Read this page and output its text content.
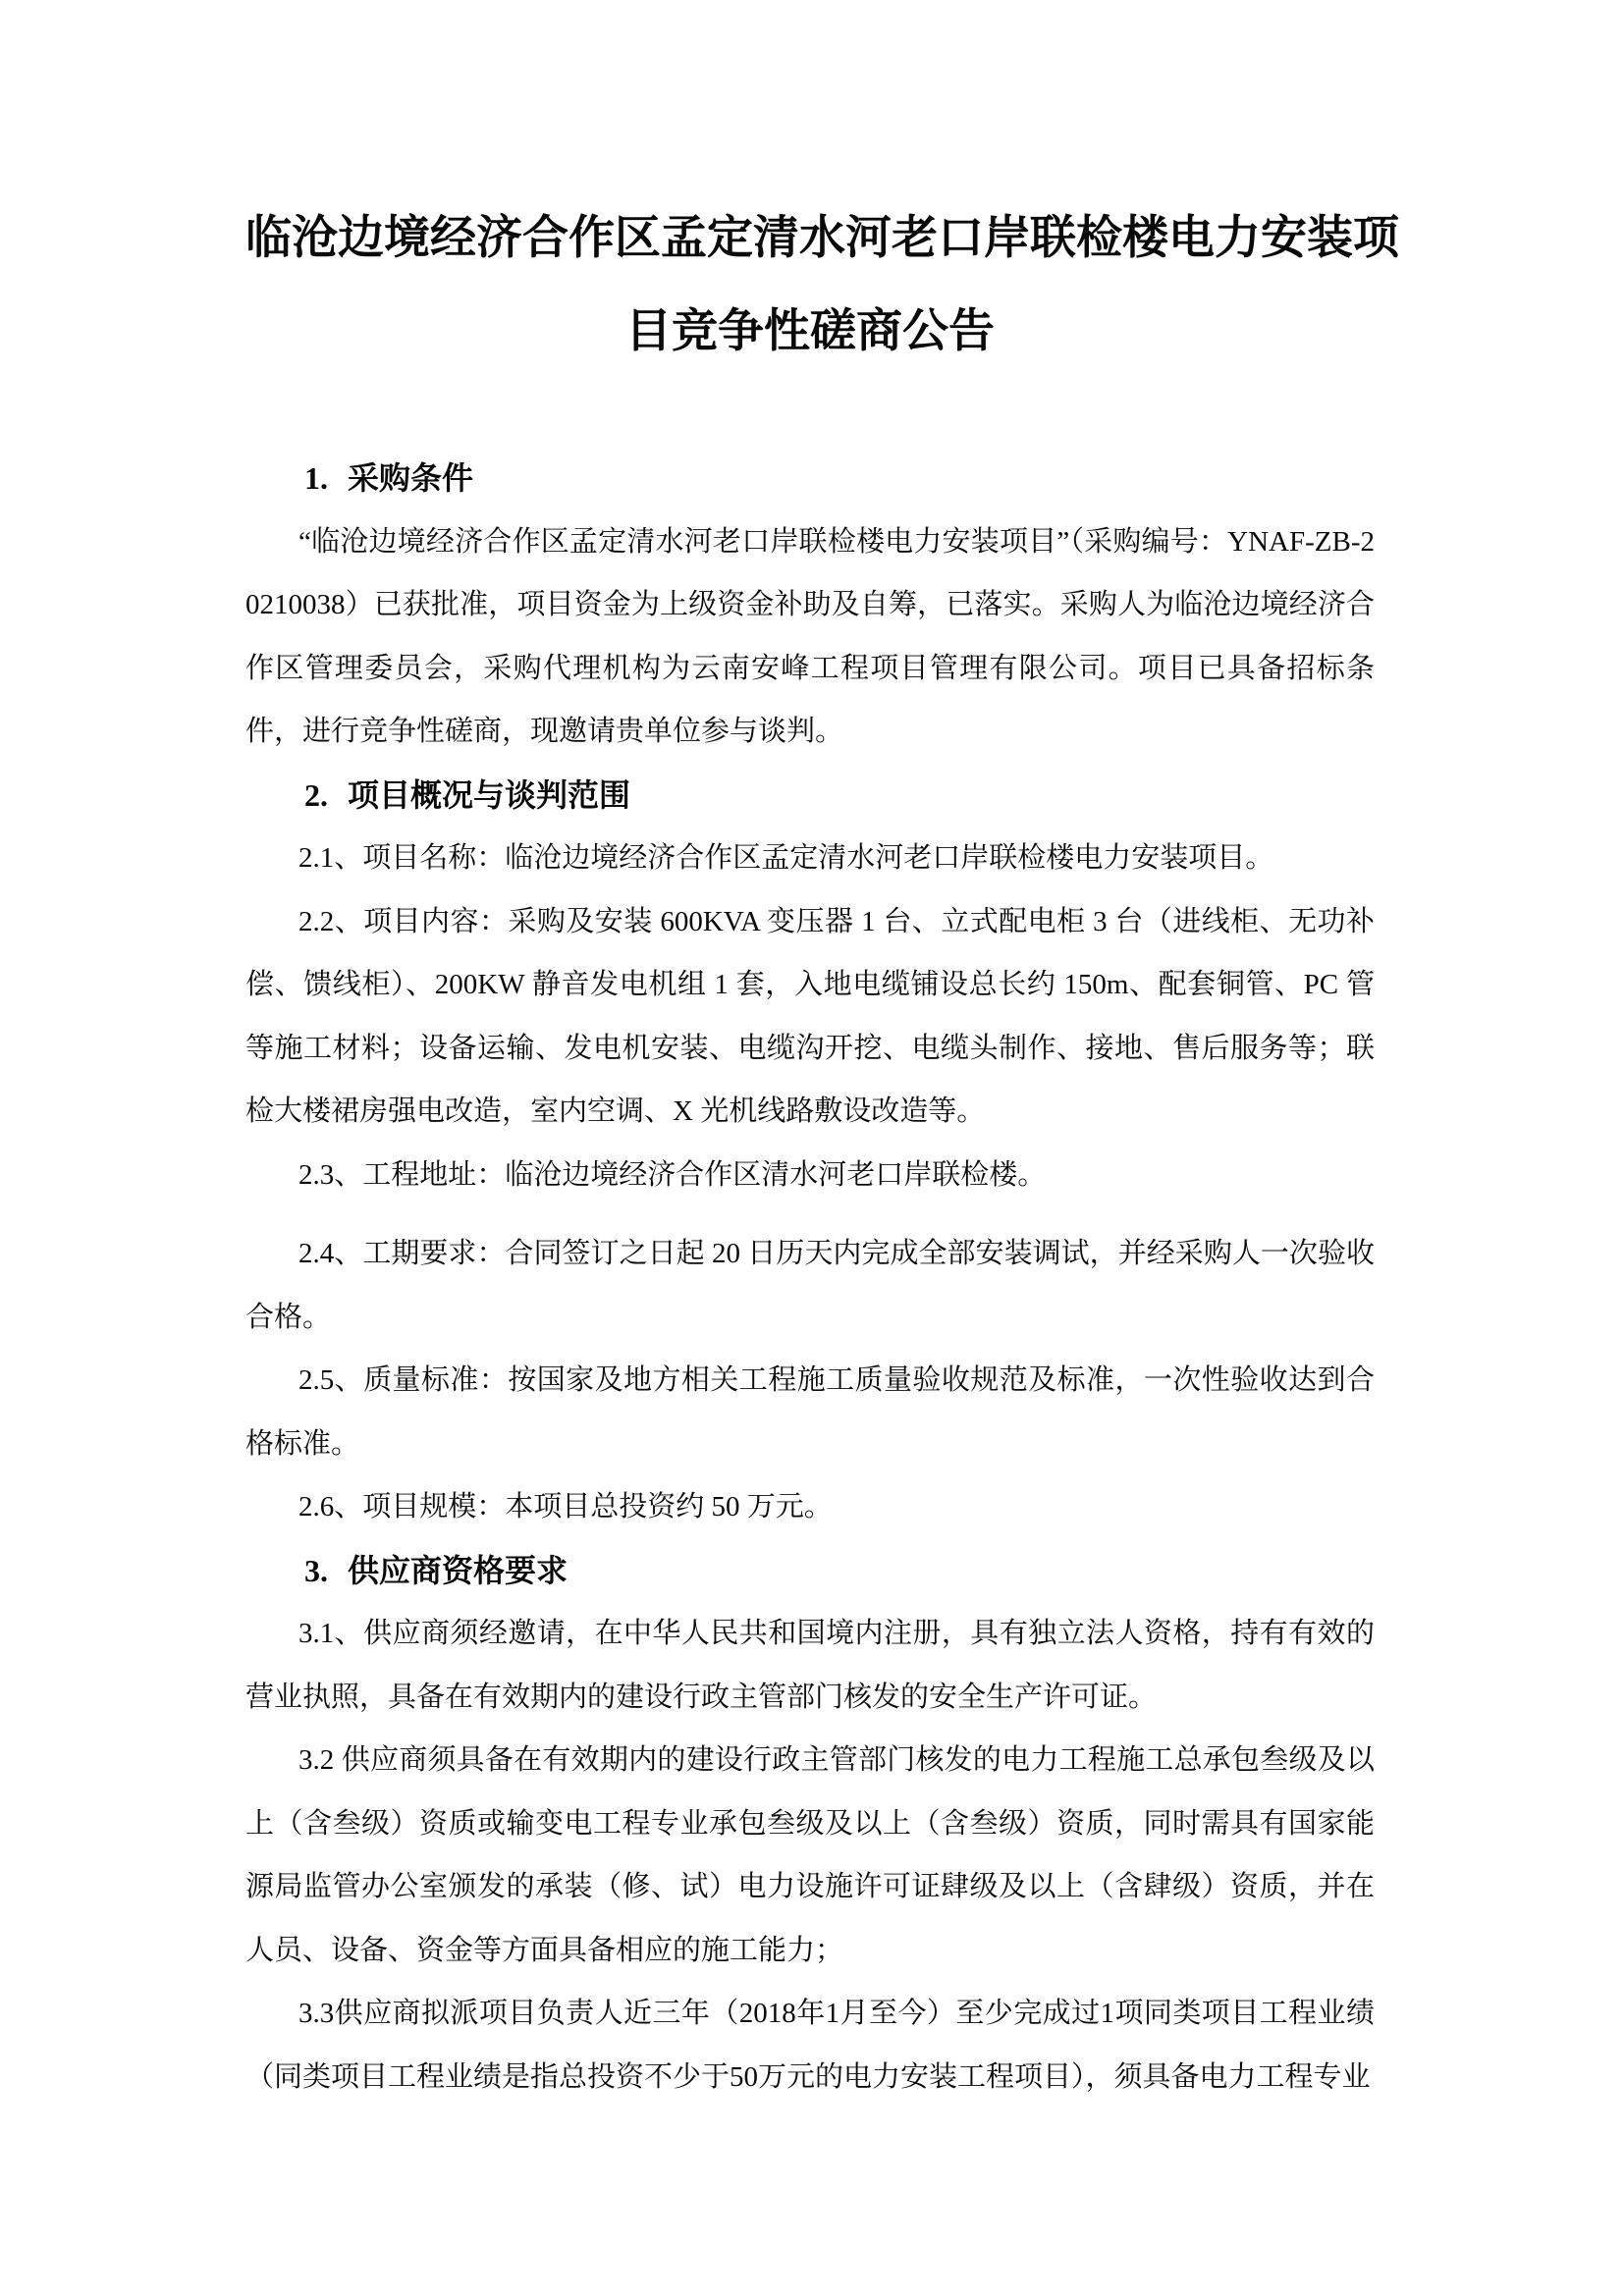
临沧边境经济合作区孟定清水河老口岸联检楼电力安装项
目竞争性磋商公告
1. 采购条件

“临沧边境经济合作区孟定清水河老口岸联检楼电力安装项目”（采购编号：YNAF-ZB-20210038）已获批准，项目资金为上级资金补助及自筹，已落实。采购人为临沧边境经济合作区管理委员会，采购代理机构为云南安峰工程项目管理有限公司。项目已具备招标条件，进行竞争性磋商，现邀请贵单位参与谈判。

2. 项目概况与谈判范围

2.1、项目名称：临沧边境经济合作区孟定清水河老口岸联检楼电力安装项目。

2.2、项目内容：采购及安装 600KVA 变压器 1 台、立式配电柜 3 台（进线柜、无功补偿、馈线柜）、200KW 静音发电机组 1 套，入地电缆铺设总长约 150m、配套铜管、PC 管等施工材料；设备运输、发电机安装、电缆沟开挖、电缆头制作、接地、售后服务等；联检大楼裙房强电改造，室内空调、X 光机线路敷设改造等。

2.3、工程地址：临沧边境经济合作区清水河老口岸联检楼。

2.4、工期要求：合同签订之日起 20 日历天内完成全部安装调试，并经采购人一次验收合格。

2.5、质量标准：按国家及地方相关工程施工质量验收规范及标准，一次性验收达到合格标准。

2.6、项目规模：本项目总投资约 50 万元。

3. 供应商资格要求

3.1、供应商须经邀请，在中华人民共和国境内注册，具有独立法人资格，持有有效的营业执照，具备在有效期内的建设行政主管部门核发的安全生产许可证。

3.2 供应商须具备在有效期内的建设行政主管部门核发的电力工程施工总承包叁级及以上（含叁级）资质或输变电工程专业承包叁级及以上（含叁级）资质，同时需具有国家能源局监管办公室颁发的承装（修、试）电力设施许可证肆级及以上（含肆级）资质，并在人员、设备、资金等方面具备相应的施工能力；

3.3供应商拟派项目负责人近三年（2018年1月至今）至少完成过1项同类项目工程业绩（同类项目工程业绩是指总投资不少于50万元的电力安装工程项目），须具备电力工程专业
